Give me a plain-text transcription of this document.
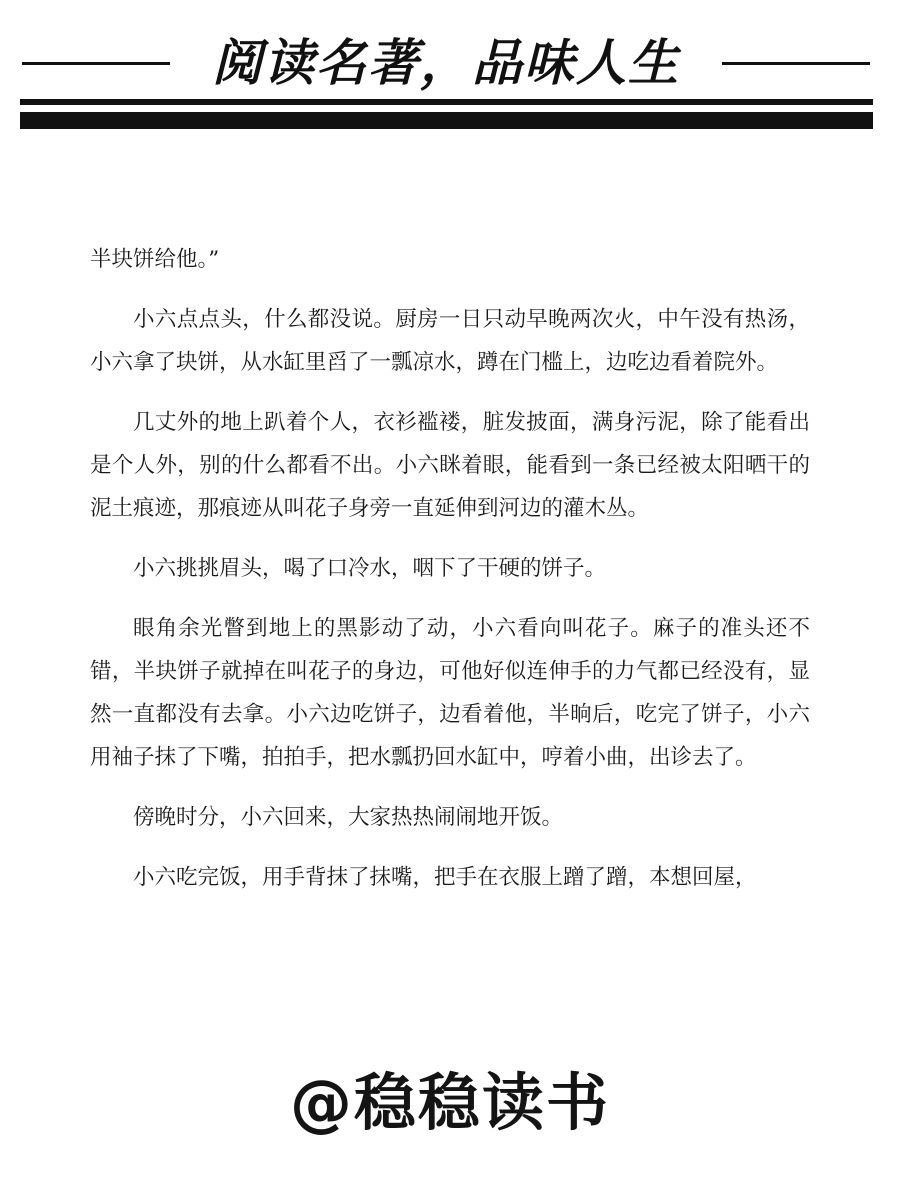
阅读名著，品味人生

半块饼给他。”

小六点点头，什么都没说。厨房一日只动早晚两次火，中午没有热汤，小六拿了块饼，从水缸里舀了一瓢凉水，蹲在门槛上，边吃边看着院外。

几丈外的地上趴着个人，衣衫褴褛，脏发披面，满身污泥，除了能看出是个人外，别的什么都看不出。小六眯着眼，能看到一条已经被太阳晒干的泥土痕迹，那痕迹从叫花子身旁一直延伸到河边的灌木丛。

小六挑挑眉头，喝了口冷水，咽下了干硬的饼子。

眼角余光瞥到地上的黑影动了动，小六看向叫花子。麻子的准头还不错，半块饼子就掉在叫花子的身边，可他好似连伸手的力气都已经没有，显然一直都没有去拿。小六边吃饼子，边看着他，半晌后，吃完了饼子，小六用袖子抹了下嘴，拍拍手，把水瓢扔回水缸中，哼着小曲，出诊去了。

傍晚时分，小六回来，大家热热闹闹地开饭。

小六吃完饭，用手背抹了抹嘴，把手在衣服上蹭了蹭，本想回屋，

@稳稳读书
